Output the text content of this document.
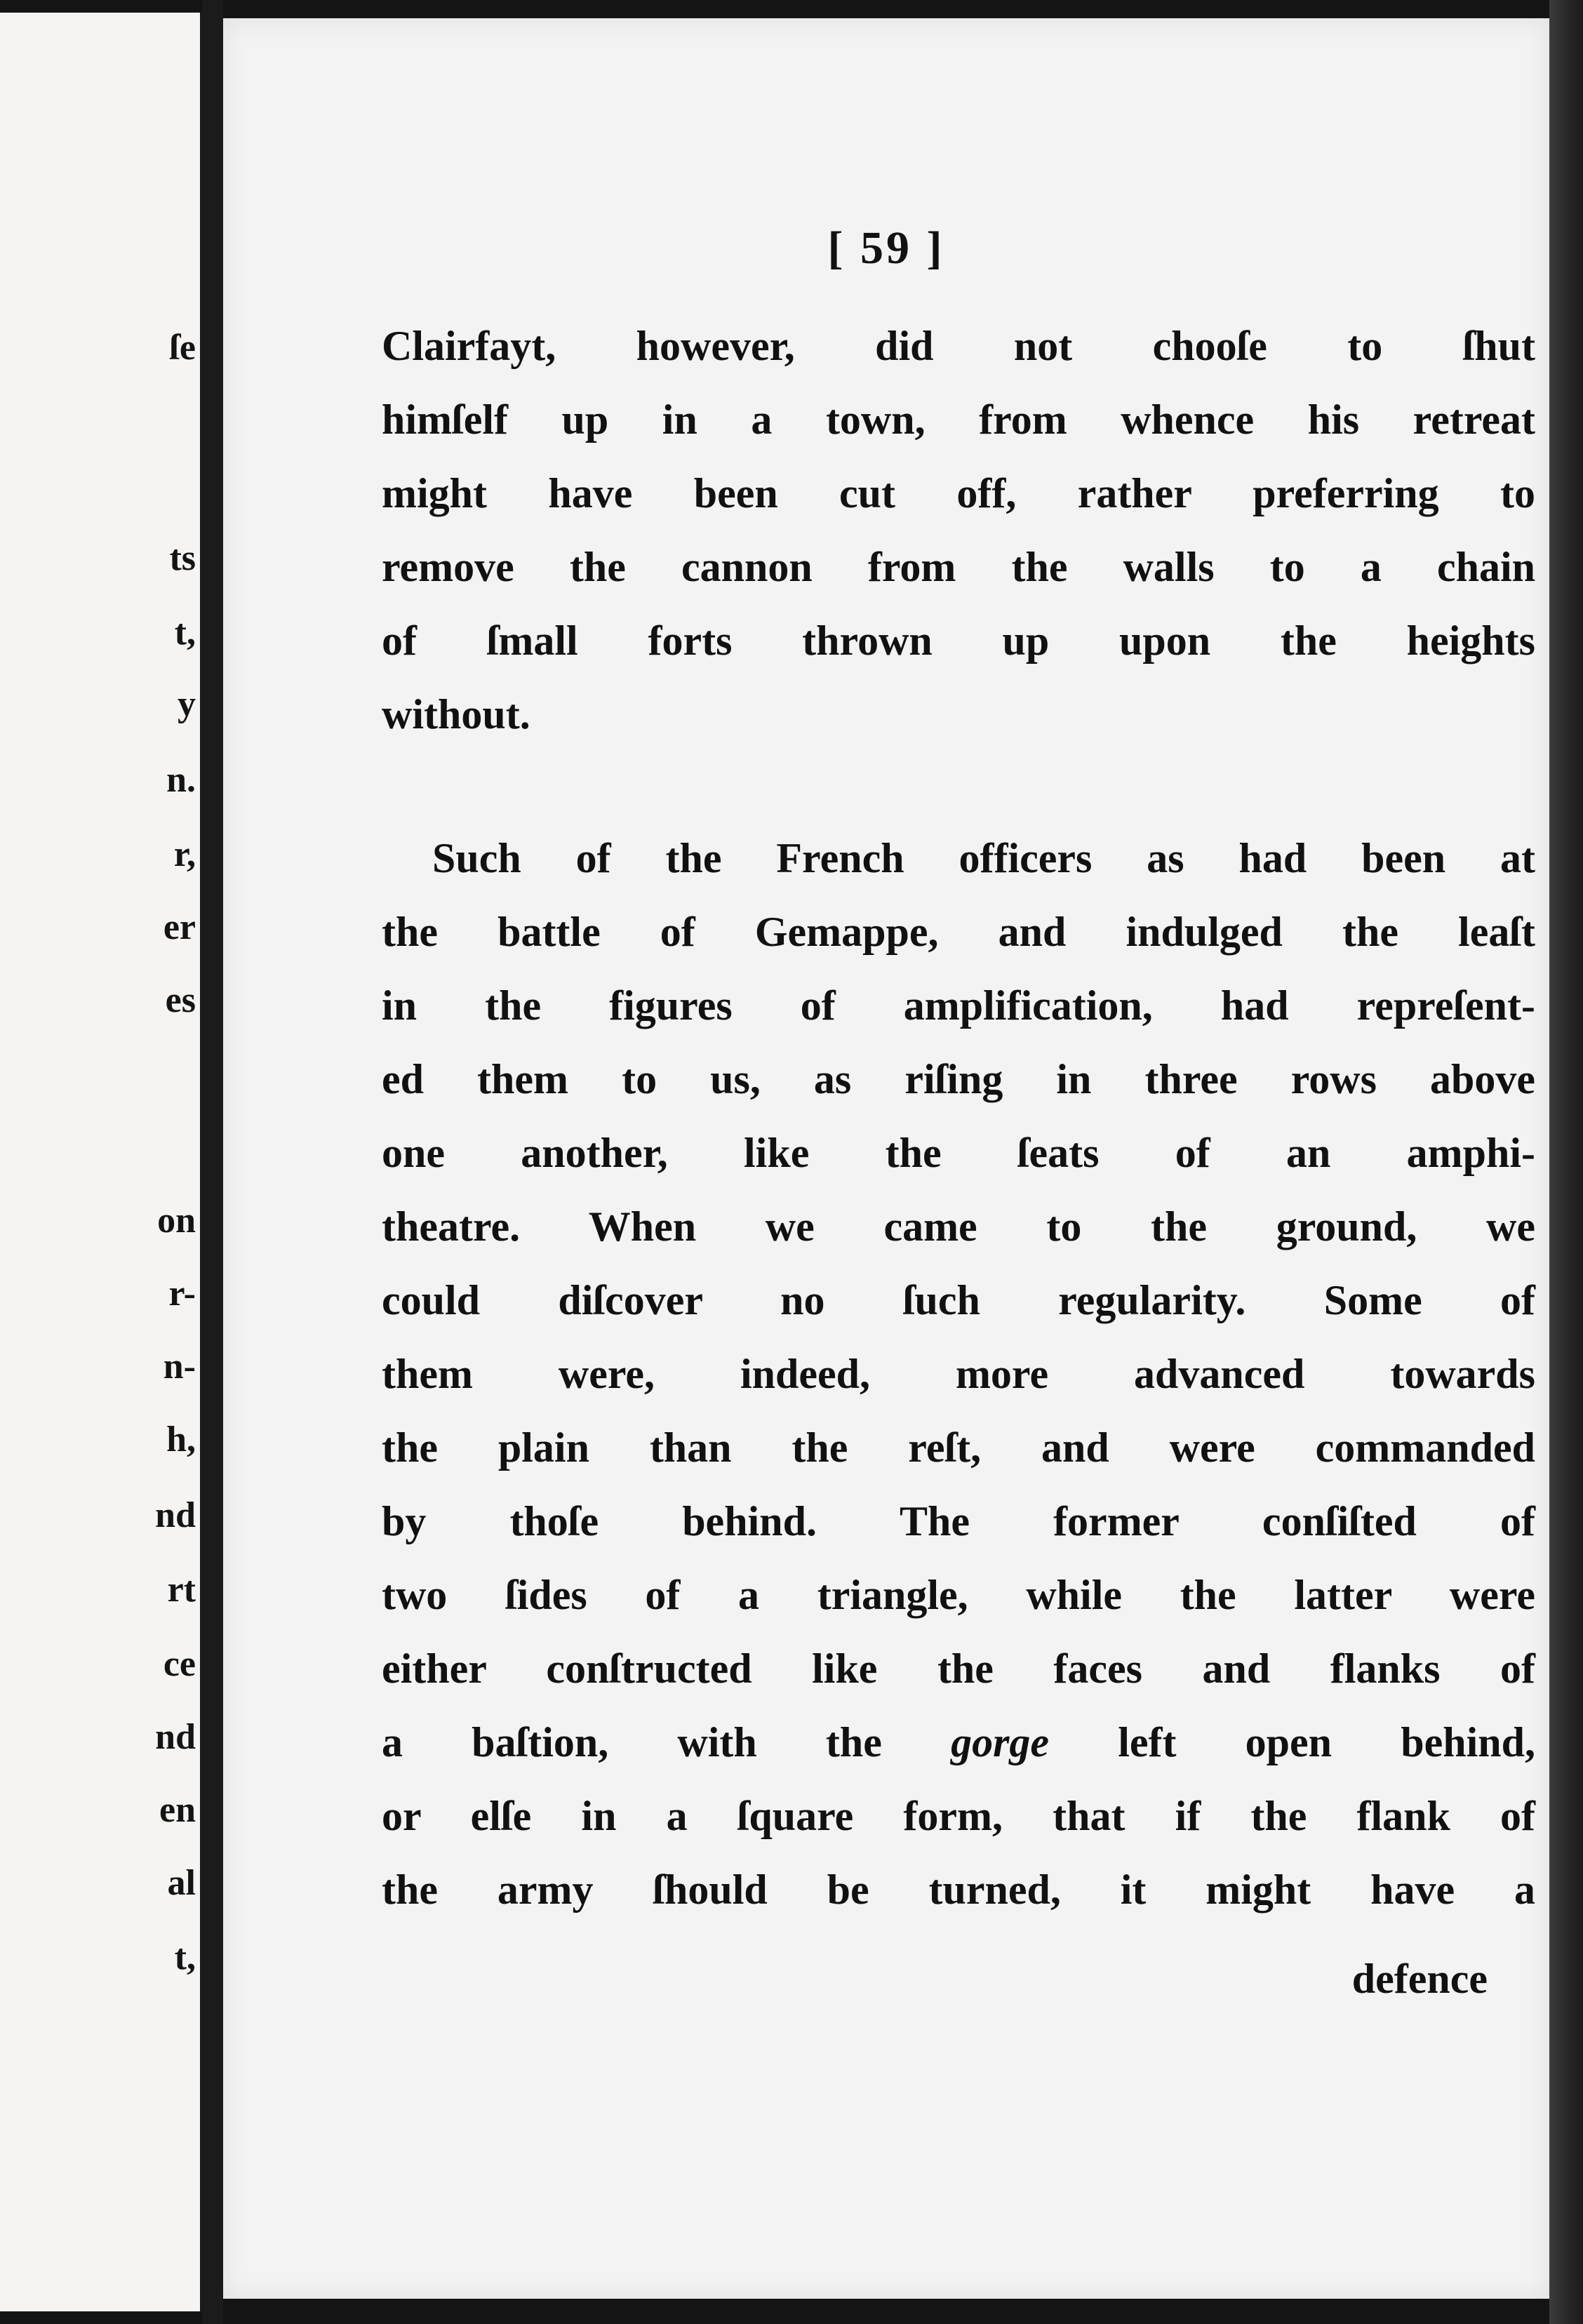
ſe
ts
t,
y
n.
r,
er
es
on
r-
n-
h,
nd
rt
ce
nd
en
al
t,
[ 59 ]
Clairfayt, however, did not chooſe to ſhut
himſelf up in a town, from whence his retreat
might have been cut off, rather preferring to
remove the cannon from the walls to a chain
of ſmall forts thrown up upon the heights
without.
Such of the French officers as had been at
the battle of Gemappe, and indulged the leaſt
in the figures of amplification, had repreſent-
ed them to us, as riſing in three rows above
one another, like the ſeats of an amphi-
theatre. When we came to the ground, we
could diſcover no ſuch regularity. Some of
them were, indeed, more advanced towards
the plain than the reſt, and were commanded
by thoſe behind. The former conſiſted of
two ſides of a triangle, while the latter were
either conſtructed like the faces and flanks of
a baſtion, with the gorge left open behind,
or elſe in a ſquare form, that if the flank of
the army ſhould be turned, it might have a
defence
